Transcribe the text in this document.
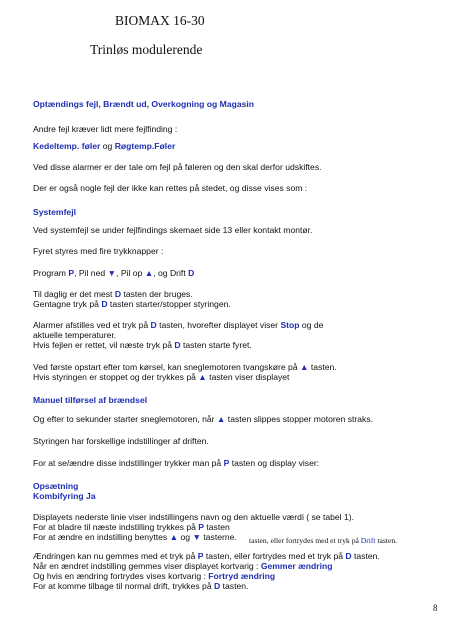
BIOMAX 16-30
Trinløs modulerende
Optændings fejl, Brændt ud, Overkogning og Magasin
Andre fejl kræver lidt mere fejlfinding :
Kedeltemp. føler og Røgtemp.Føler
Ved disse alarmer er der tale om fejl på føleren og den skal derfor udskiftes.
Der er også nogle fejl der ikke kan rettes på stedet, og disse vises som :
Systemfejl
Ved systemfejl se under fejlfindings skemaet side 13 eller kontakt montør.
Fyret styres med fire trykknapper :
Program P, Pil ned ▼, Pil op ▲, og Drift D
Til daglig er det mest D tasten der bruges.
Gentagne tryk på D tasten starter/stopper styringen.
Alarmer afstilles ved et tryk på D tasten, hvorefter displayet viser Stop og de
aktuelle temperaturer.
Hvis fejlen er rettet, vil næste tryk på D tasten starte fyret.
Ved første opstart efter tom kørsel, kan sneglemotoren tvangskøre på ▲ tasten.
Hvis styringen er stoppet og der trykkes på ▲ tasten viser displayet
Manuel tilførsel af brændsel
Og efter to sekunder starter sneglemotoren, når ▲ tasten slippes stopper motoren straks.
Styringen har forskellige indstillinger af driften.
For at se/ændre disse indstillinger trykker man på P tasten og display viser:
Opsætning
Kombifyring Ja
Displayets nederste linie viser indstillingens navn og den aktuelle værdi ( se tabel 1).
For at bladre til næste indstilling trykkes på P tasten
For at ændre en indstilling benyttes ▲ og ▼ tasterne. tasten, eller fortrydes med et tryk på Drift tasten.
Ændringen kan nu gemmes med et tryk på P tasten, eller fortrydes med et tryk på D tasten.
Når en ændret indstilling gemmes viser displayet kortvarig : Gemmer ændring
Og hvis en ændring fortrydes vises kortvarig : Fortryd ændring
For at komme tilbage til normal drift, trykkes på D tasten.
8
